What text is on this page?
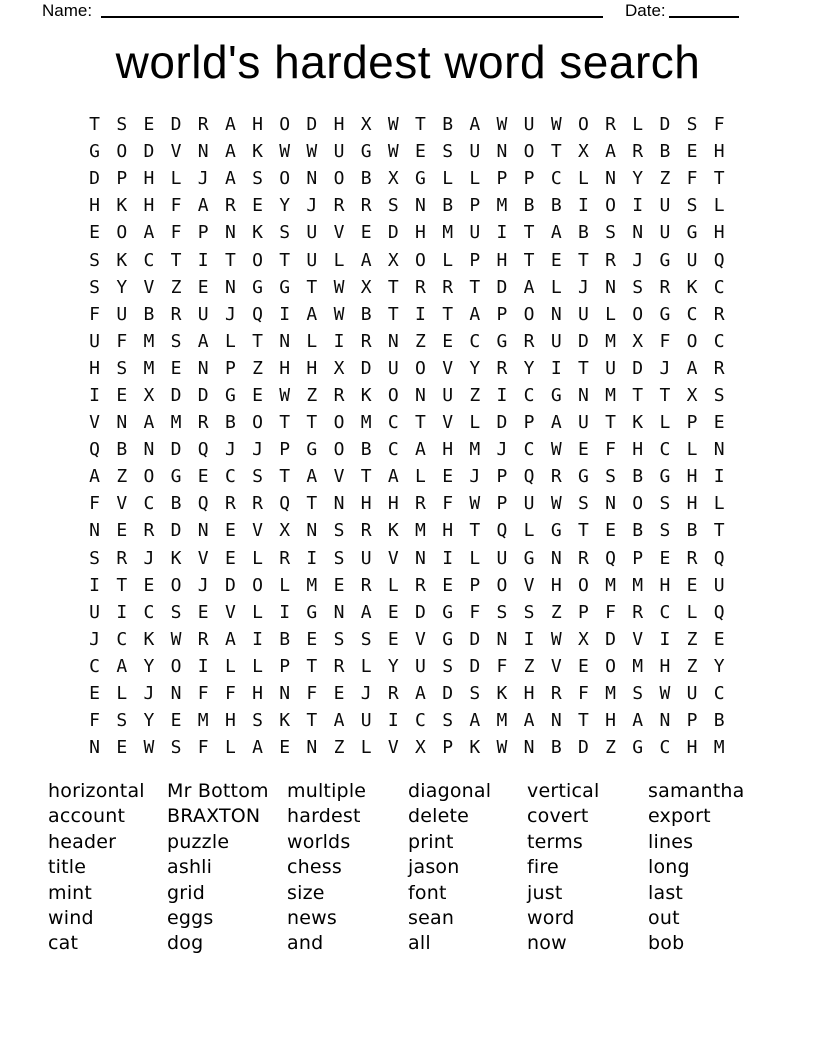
Name:	Date:
world's hardest word search
T S E D R A H O D H X W T B A W U W O R L D S F
G O D V N A K W W U G W E S U N O T X A R B E H
D P H L J A S O N O B X G L L P P C L N Y Z F T
H K H F A R E Y J R R S N B P M B B I O I U S L
E O A F P N K S U V E D H M U I T A B S N U G H
S K C T I T O T U L A X O L P H T E T R J G U Q
S Y V Z E N G G T W X T R R T D A L J N S R K C
F U B R U J Q I A W B T I T A P O N U L O G C R
U F M S A L T N L I R N Z E C G R U D M X F O C
H S M E N P Z H H X D U O V Y R Y I T U D J A R
I E X D D G E W Z R K O N U Z I C G N M T T X S
V N A M R B O T T O M C T V L D P A U T K L P E
Q B N D Q J J P G O B C A H M J C W E F H C L N
A Z O G E C S T A V T A L E J P Q R G S B G H I
F V C B Q R R Q T N H H R F W P U W S N O S H L
N E R D N E V X N S R K M H T Q L G T E B S B T
S R J K V E L R I S U V N I L U G N R Q P E R Q
I T E O J D O L M E R L R E P O V H O M M H E U
U I C S E V L I G N A E D G F S S Z P F R C L Q
J C K W R A I B E S S E V G D N I W X D V I Z E
C A Y O I L L P T R L Y U S D F Z V E O M H Z Y
E L J N F F H N F E J R A D S K H R F M S W U C
F S Y E M H S K T A U I C S A M A N T H A N P B
N E W S F L A E N Z L V X P K W N B D Z G C H M
horizontal
account
header
title
mint
wind
cat
Mr Bottom
BRAXTON
puzzle
ashli
grid
eggs
dog
multiple
hardest
worlds
chess
size
news
and
diagonal
delete
print
jason
font
sean
all
vertical
covert
terms
fire
just
word
now
samantha
export
lines
long
last
out
bob
